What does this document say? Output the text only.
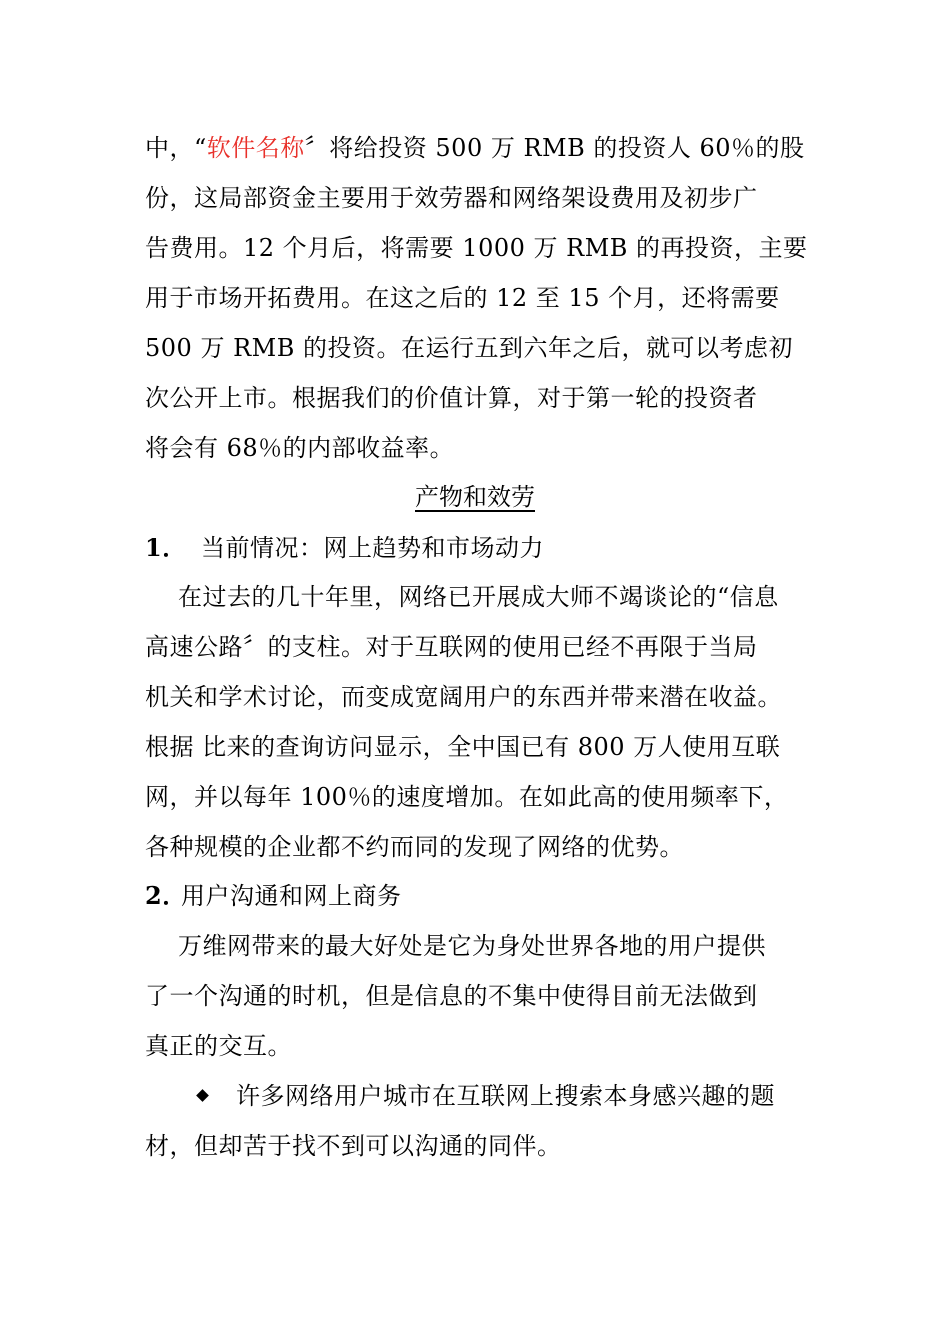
中，“软件名称〞将给投资 500 万 RMB 的投资人 60％的股
份，这局部资金主要用于效劳器和网络架设费用及初步广
告费用。12 个月后，将需要 1000 万 RMB 的再投资，主要
用于市场开拓费用。在这之后的 12 至 15 个月，还将需要
500 万 RMB 的投资。在运行五到六年之后，就可以考虑初
次公开上市。根据我们的价值计算，对于第一轮的投资者
将会有 68％的内部收益率。
产物和效劳
1． 当前情况：网上趋势和市场动力
在过去的几十年里，网络已开展成大师不竭谈论的“信息
高速公路〞的支柱。对于互联网的使用已经不再限于当局
机关和学术讨论，而变成宽阔用户的东西并带来潜在收益。
根据 比来的查询访问显示，全中国已有 800 万人使用互联
网，并以每年 100％的速度增加。在如此高的使用频率下，
各种规模的企业都不约而同的发现了网络的优势。
2．用户沟通和网上商务
万维网带来的最大好处是它为身处世界各地的用户提供
了一个沟通的时机，但是信息的不集中使得目前无法做到
真正的交互。
许多网络用户城市在互联网上搜索本身感兴趣的题
材，但却苦于找不到可以沟通的同伴。
